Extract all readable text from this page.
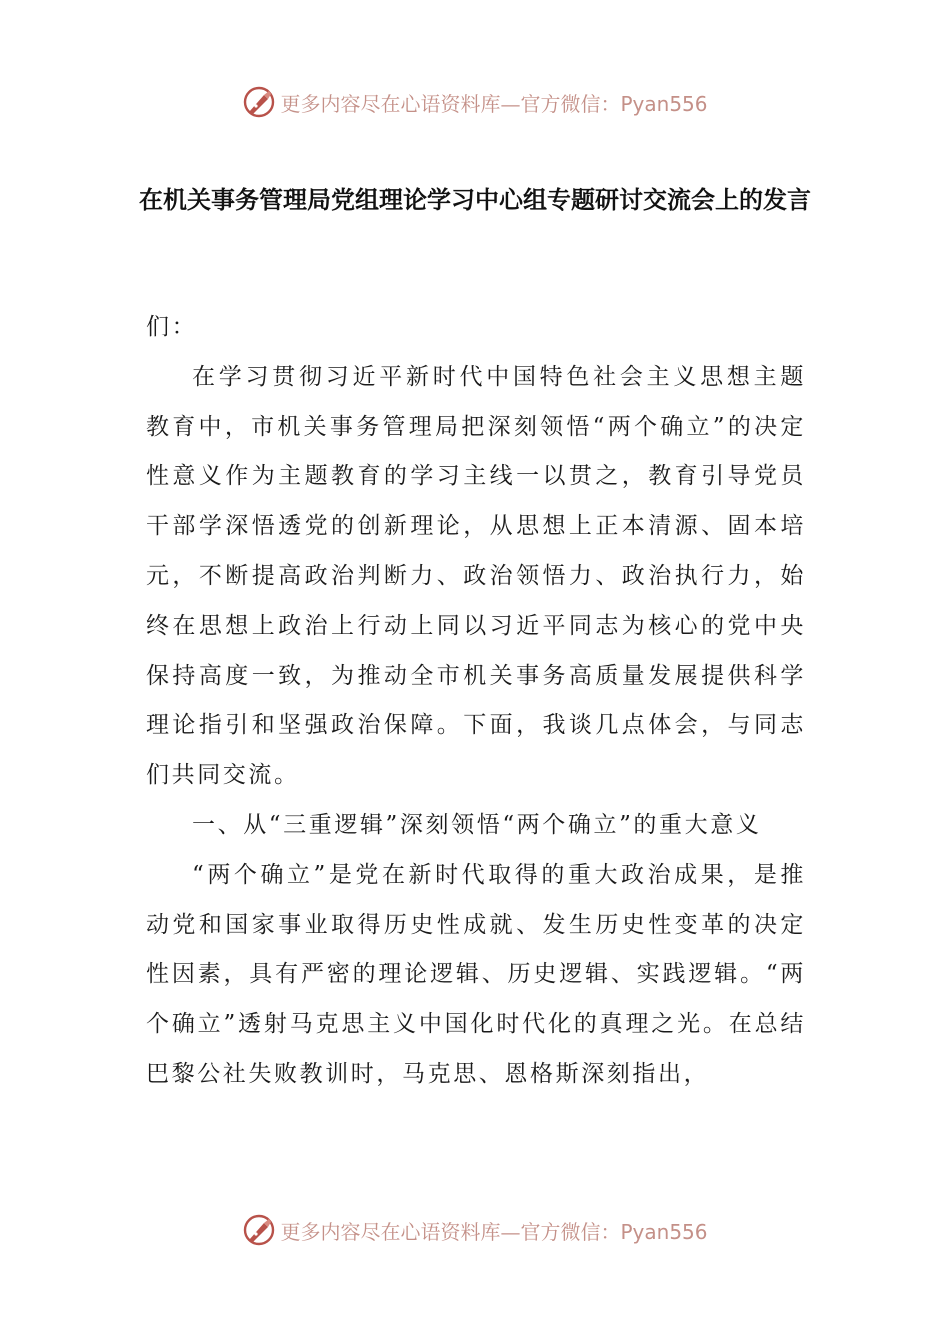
更多内容尽在心语资料库—官方微信：Pyan556
在机关事务管理局党组理论学习中心组专题研讨交流会上的发言

们：

在学习贯彻习近平新时代中国特色社会主义思想主题教育中，市机关事务管理局把深刻领悟“两个确立”的决定性意义作为主题教育的学习主线一以贯之，教育引导党员干部学深悟透党的创新理论，从思想上正本清源、固本培元，不断提高政治判断力、政治领悟力、政治执行力，始终在思想上政治上行动上同以习近平同志为核心的党中央保持高度一致，为推动全市机关事务高质量发展提供科学理论指引和坚强政治保障。下面，我谈几点体会，与同志们共同交流。

一、从“三重逻辑”深刻领悟“两个确立”的重大意义

“两个确立”是党在新时代取得的重大政治成果，是推动党和国家事业取得历史性成就、发生历史性变革的决定性因素，具有严密的理论逻辑、历史逻辑、实践逻辑。“两个确立”透射马克思主义中国化时代化的真理之光。在总结巴黎公社失败教训时，马克思、恩格斯深刻指出，

更多内容尽在心语资料库—官方微信：Pyan556
